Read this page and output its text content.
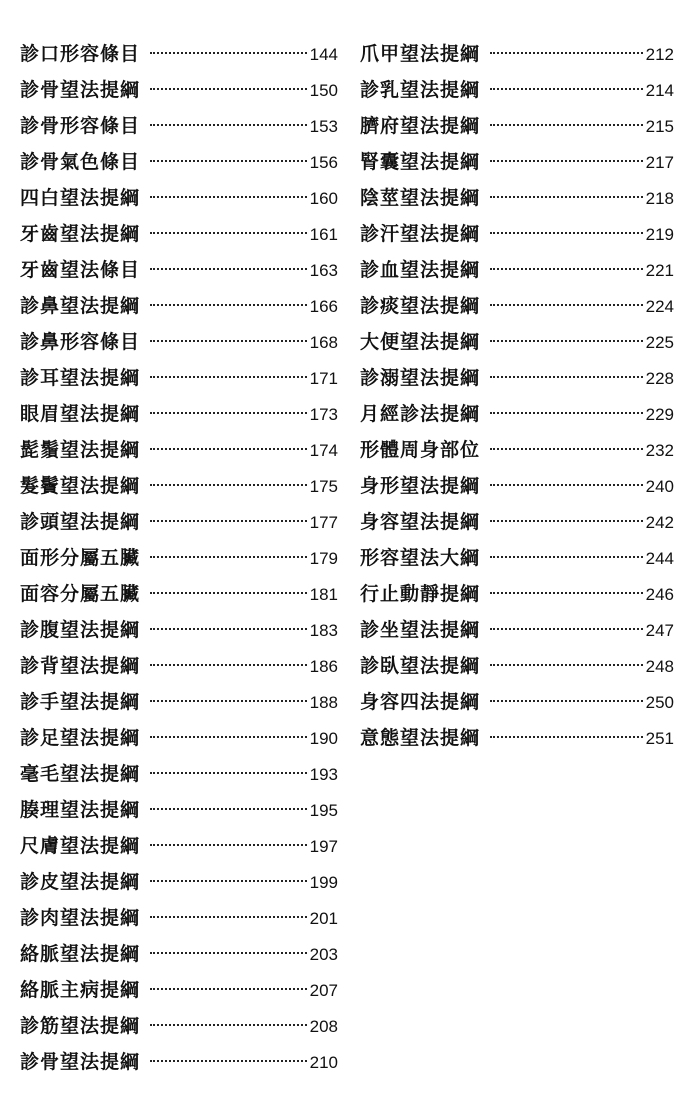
診口形容條目	144
診骨望法提綱	150
診骨形容條目	153
診骨氣色條目	156
四白望法提綱	160
牙齒望法提綱	161
牙齒望法條目	163
診鼻望法提綱	166
診鼻形容條目	168
診耳望法提綱	171
眼眉望法提綱	173
髭鬚望法提綱	174
髮鬢望法提綱	175
診頭望法提綱	177
面形分屬五臟	179
面容分屬五臟	181
診腹望法提綱	183
診背望法提綱	186
診手望法提綱	188
診足望法提綱	190
毫毛望法提綱	193
腠理望法提綱	195
尺膚望法提綱	197
診皮望法提綱	199
診肉望法提綱	201
絡脈望法提綱	203
絡脈主病提綱	207
診筋望法提綱	208
診骨望法提綱	210
爪甲望法提綱	212
診乳望法提綱	214
臍府望法提綱	215
腎囊望法提綱	217
陰莖望法提綱	218
診汗望法提綱	219
診血望法提綱	221
診痰望法提綱	224
大便望法提綱	225
診溺望法提綱	228
月經診法提綱	229
形體周身部位	232
身形望法提綱	240
身容望法提綱	242
形容望法大綱	244
行止動靜提綱	246
診坐望法提綱	247
診臥望法提綱	248
身容四法提綱	250
意態望法提綱	251
